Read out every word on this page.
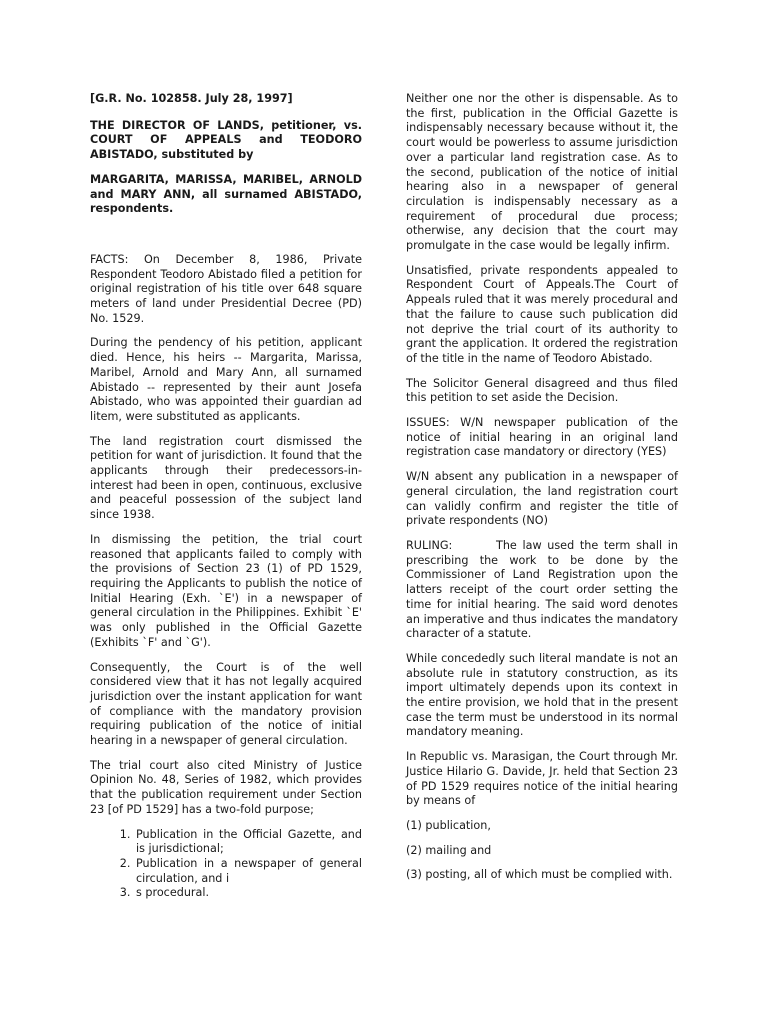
[G.R. No. 102858. July 28, 1997]

THE DIRECTOR OF LANDS, petitioner, vs. COURT OF APPEALS and TEODORO ABISTADO, substituted by

MARGARITA, MARISSA, MARIBEL, ARNOLD and MARY ANN, all surnamed ABISTADO, respondents.

FACTS: On December 8, 1986, Private Respondent Teodoro Abistado filed a petition for original registration of his title over 648 square meters of land under Presidential Decree (PD) No. 1529.

During the pendency of his petition, applicant died. Hence, his heirs -- Margarita, Marissa, Maribel, Arnold and Mary Ann, all surnamed Abistado -- represented by their aunt Josefa Abistado, who was appointed their guardian ad litem, were substituted as applicants.

The land registration court dismissed the petition for want of jurisdiction. It found that the applicants through their predecessors-in-interest had been in open, continuous, exclusive and peaceful possession of the subject land since 1938.

In dismissing the petition, the trial court reasoned that applicants failed to comply with the provisions of Section 23 (1) of PD 1529, requiring the Applicants to publish the notice of Initial Hearing (Exh. `E') in a newspaper of general circulation in the Philippines. Exhibit `E' was only published in the Official Gazette (Exhibits `F' and `G').

Consequently, the Court is of the well considered view that it has not legally acquired jurisdiction over the instant application for want of compliance with the mandatory provision requiring publication of the notice of initial hearing in a newspaper of general circulation.

The trial court also cited Ministry of Justice Opinion No. 48, Series of 1982, which provides that the publication requirement under Section 23 [of PD 1529] has a two-fold purpose;

1. Publication in the Official Gazette, and is jurisdictional;
2. Publication in a newspaper of general circulation, and i
3. s procedural.

Neither one nor the other is dispensable. As to the first, publication in the Official Gazette is indispensably necessary because without it, the court would be powerless to assume jurisdiction over a particular land registration case. As to the second, publication of the notice of initial hearing also in a newspaper of general circulation is indispensably necessary as a requirement of procedural due process; otherwise, any decision that the court may promulgate in the case would be legally infirm.

Unsatisfied, private respondents appealed to Respondent Court of Appeals.The Court of Appeals ruled that it was merely procedural and that the failure to cause such publication did not deprive the trial court of its authority to grant the application. It ordered the registration of the title in the name of Teodoro Abistado.

The Solicitor General disagreed and thus filed this petition to set aside the Decision.

ISSUES: W/N newspaper publication of the notice of initial hearing in an original land registration case mandatory or directory (YES)

W/N absent any publication in a newspaper of general circulation, the land registration court can validly confirm and register the title of private respondents (NO)

RULING:	The law used the term shall in prescribing the work to be done by the Commissioner of Land Registration upon the latters receipt of the court order setting the time for initial hearing. The said word denotes an imperative and thus indicates the mandatory character of a statute.

While concededly such literal mandate is not an absolute rule in statutory construction, as its import ultimately depends upon its context in the entire provision, we hold that in the present case the term must be understood in its normal mandatory meaning.

In Republic vs. Marasigan, the Court through Mr. Justice Hilario G. Davide, Jr. held that Section 23 of PD 1529 requires notice of the initial hearing by means of

(1) publication,

(2) mailing and

(3) posting, all of which must be complied with.
